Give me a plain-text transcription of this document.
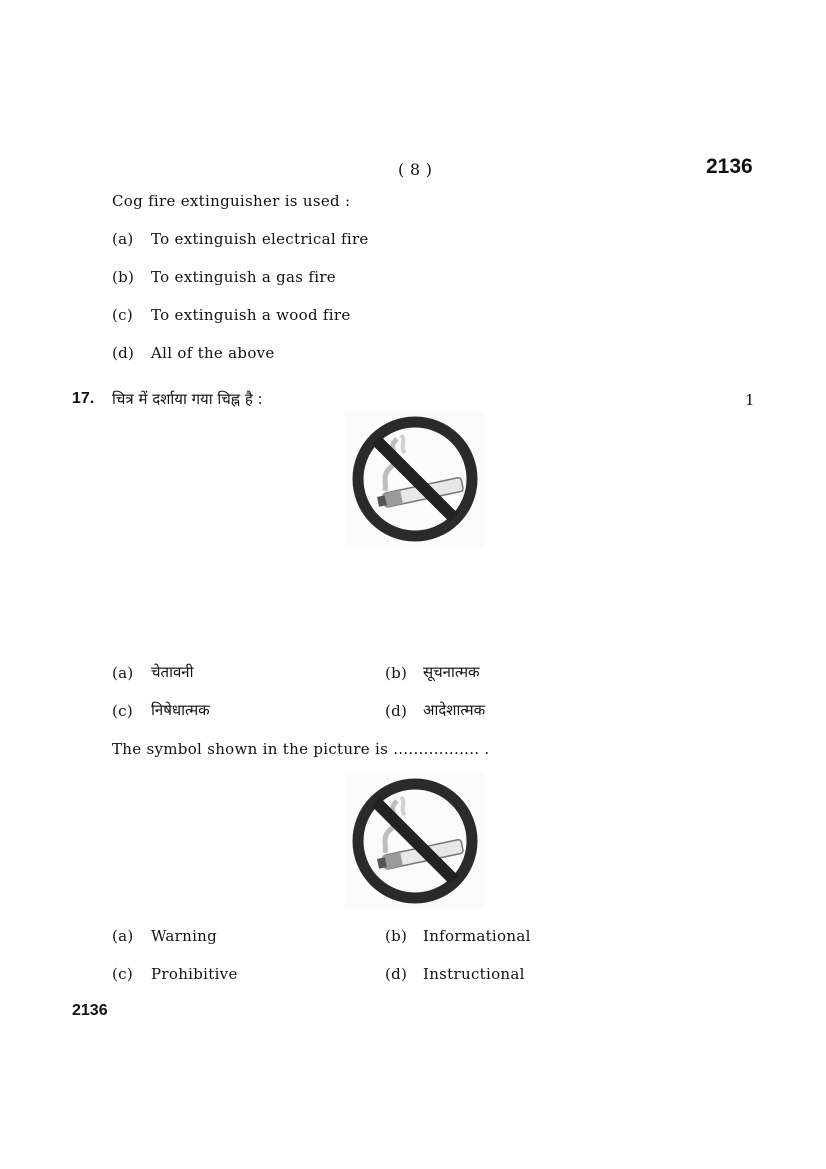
( 8 )	2136
Cog fire extinguisher is used :
(a) To extinguish electrical fire
(b) To extinguish a gas fire
(c) To extinguish a wood fire
(d) All of the above
17. चित्र में दर्शाया गया चिह्न है :	1
(a) चेतावनी	(b) सूचनात्मक
(c) निषेधात्मक	(d) आदेशात्मक
The symbol shown in the picture is ................. .
(a) Warning	(b) Informational
(c) Prohibitive	(d) Instructional
2136
